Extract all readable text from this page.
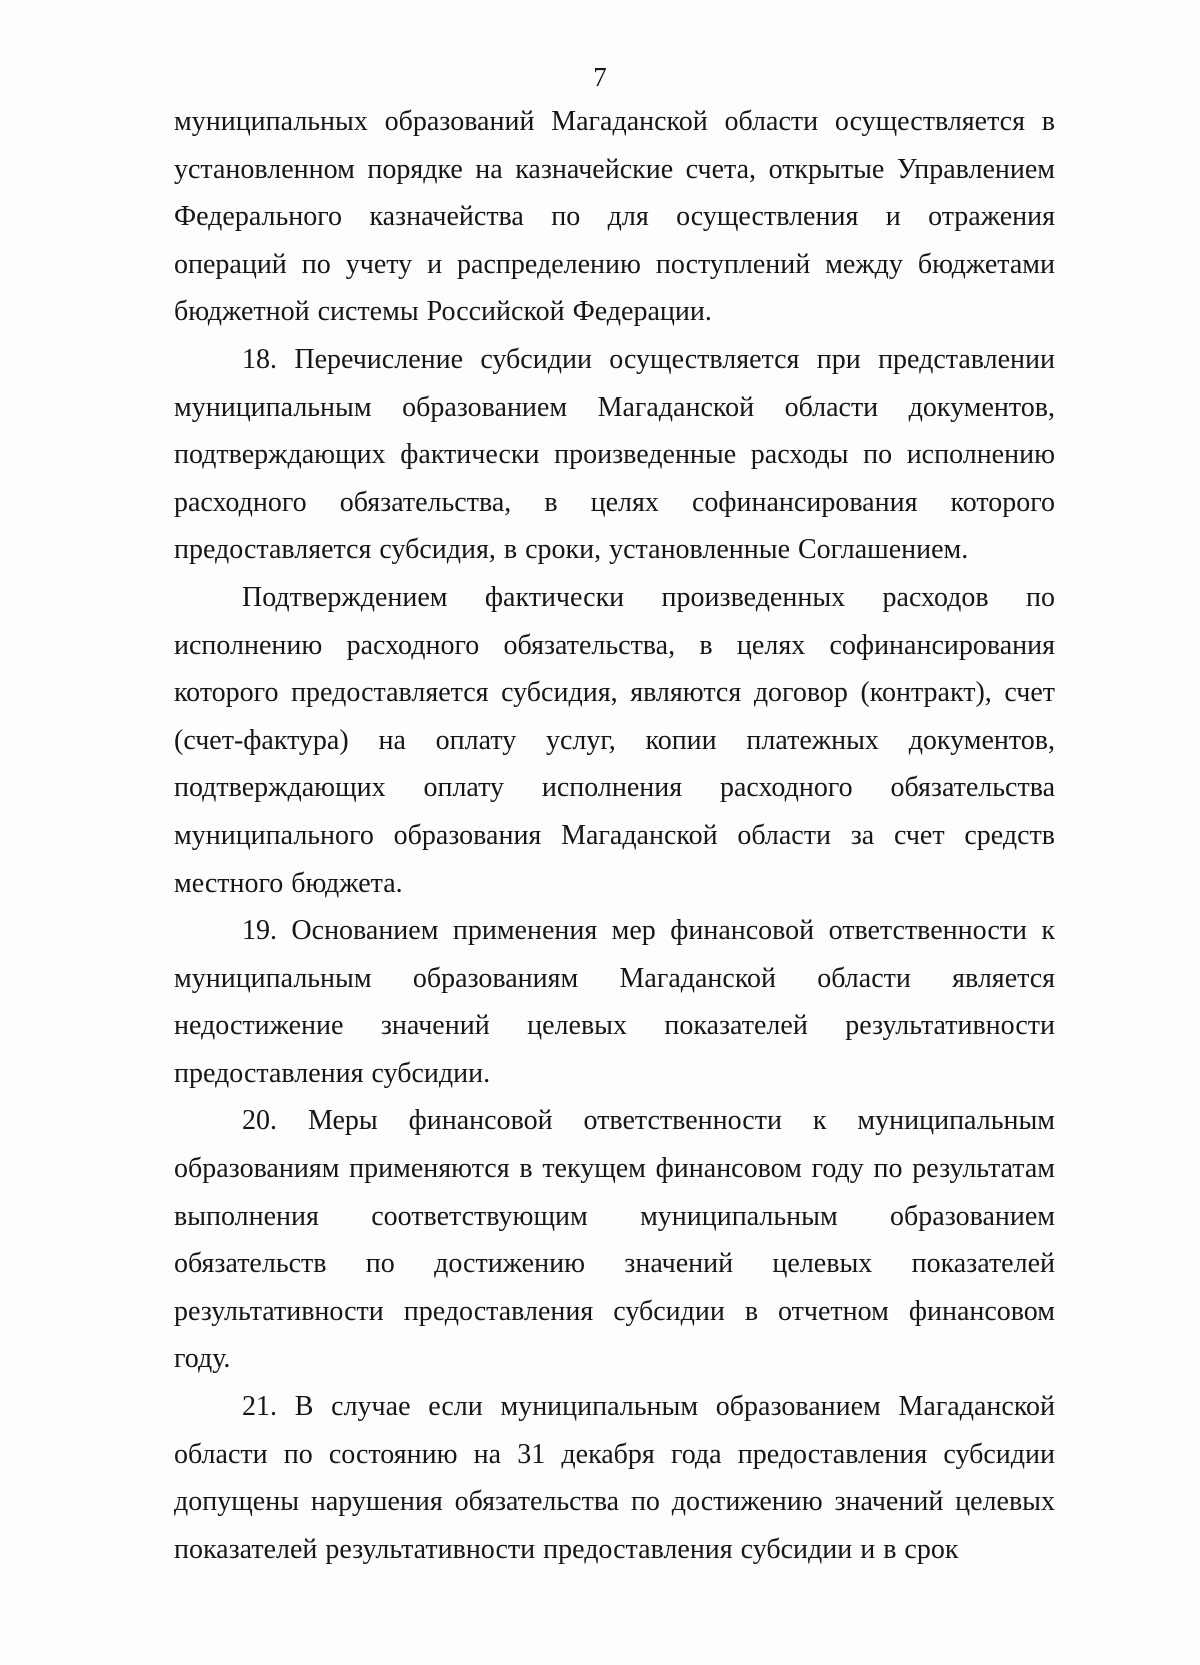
7

муниципальных образований Магаданской области осуществляется в установленном порядке на казначейские счета, открытые Управлением Федерального казначейства по для осуществления и отражения операций по учету и распределению поступлений между бюджетами бюджетной системы Российской Федерации.

18. Перечисление субсидии осуществляется при представлении муниципальным образованием Магаданской области документов, подтверждающих фактически произведенные расходы по исполнению расходного обязательства, в целях софинансирования которого предоставляется субсидия, в сроки, установленные Соглашением.

Подтверждением фактически произведенных расходов по исполнению расходного обязательства, в целях софинансирования которого предоставляется субсидия, являются договор (контракт), счет (счет-фактура) на оплату услуг, копии платежных документов, подтверждающих оплату исполнения расходного обязательства муниципального образования Магаданской области за счет средств местного бюджета.

19. Основанием применения мер финансовой ответственности к муниципальным образованиям Магаданской области является недостижение значений целевых показателей результативности предоставления субсидии.

20. Меры финансовой ответственности к муниципальным образованиям применяются в текущем финансовом году по результатам выполнения соответствующим муниципальным образованием обязательств по достижению значений целевых показателей результативности предоставления субсидии в отчетном финансовом году.

21. В случае если муниципальным образованием Магаданской области по состоянию на 31 декабря года предоставления субсидии допущены нарушения обязательства по достижению значений целевых показателей результативности предоставления субсидии и в срок
